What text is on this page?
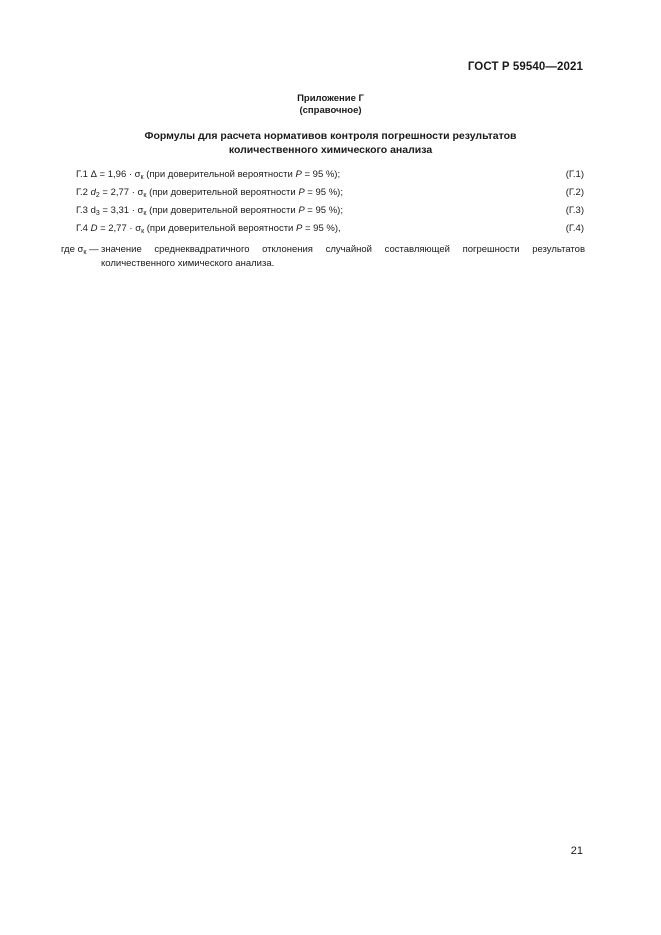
ГОСТ Р 59540—2021
Приложение Г
(справочное)
Формулы для расчета нормативов контроля погрешности результатов
количественного химического анализа
Г.1 $\Delta = 1,96 \cdot \sigma_к$ (при доверительной вероятности P = 95 %);	(Г.1)
Г.2 $d_2 = 2,77 \cdot \sigma_к$ (при доверительной вероятности P = 95 %);	(Г.2)
Г.3 $d_3 = 3,31 \cdot \sigma_к$ (при доверительной вероятности P = 95 %);	(Г.3)
Г.4 $D = 2,77 \cdot \sigma_к$ (при доверительной вероятности P = 95 %),	(Г.4)
где $\sigma_к$ — значение среднеквадратичного отклонения случайной составляющей погрешности результатов количественного химического анализа.
21
